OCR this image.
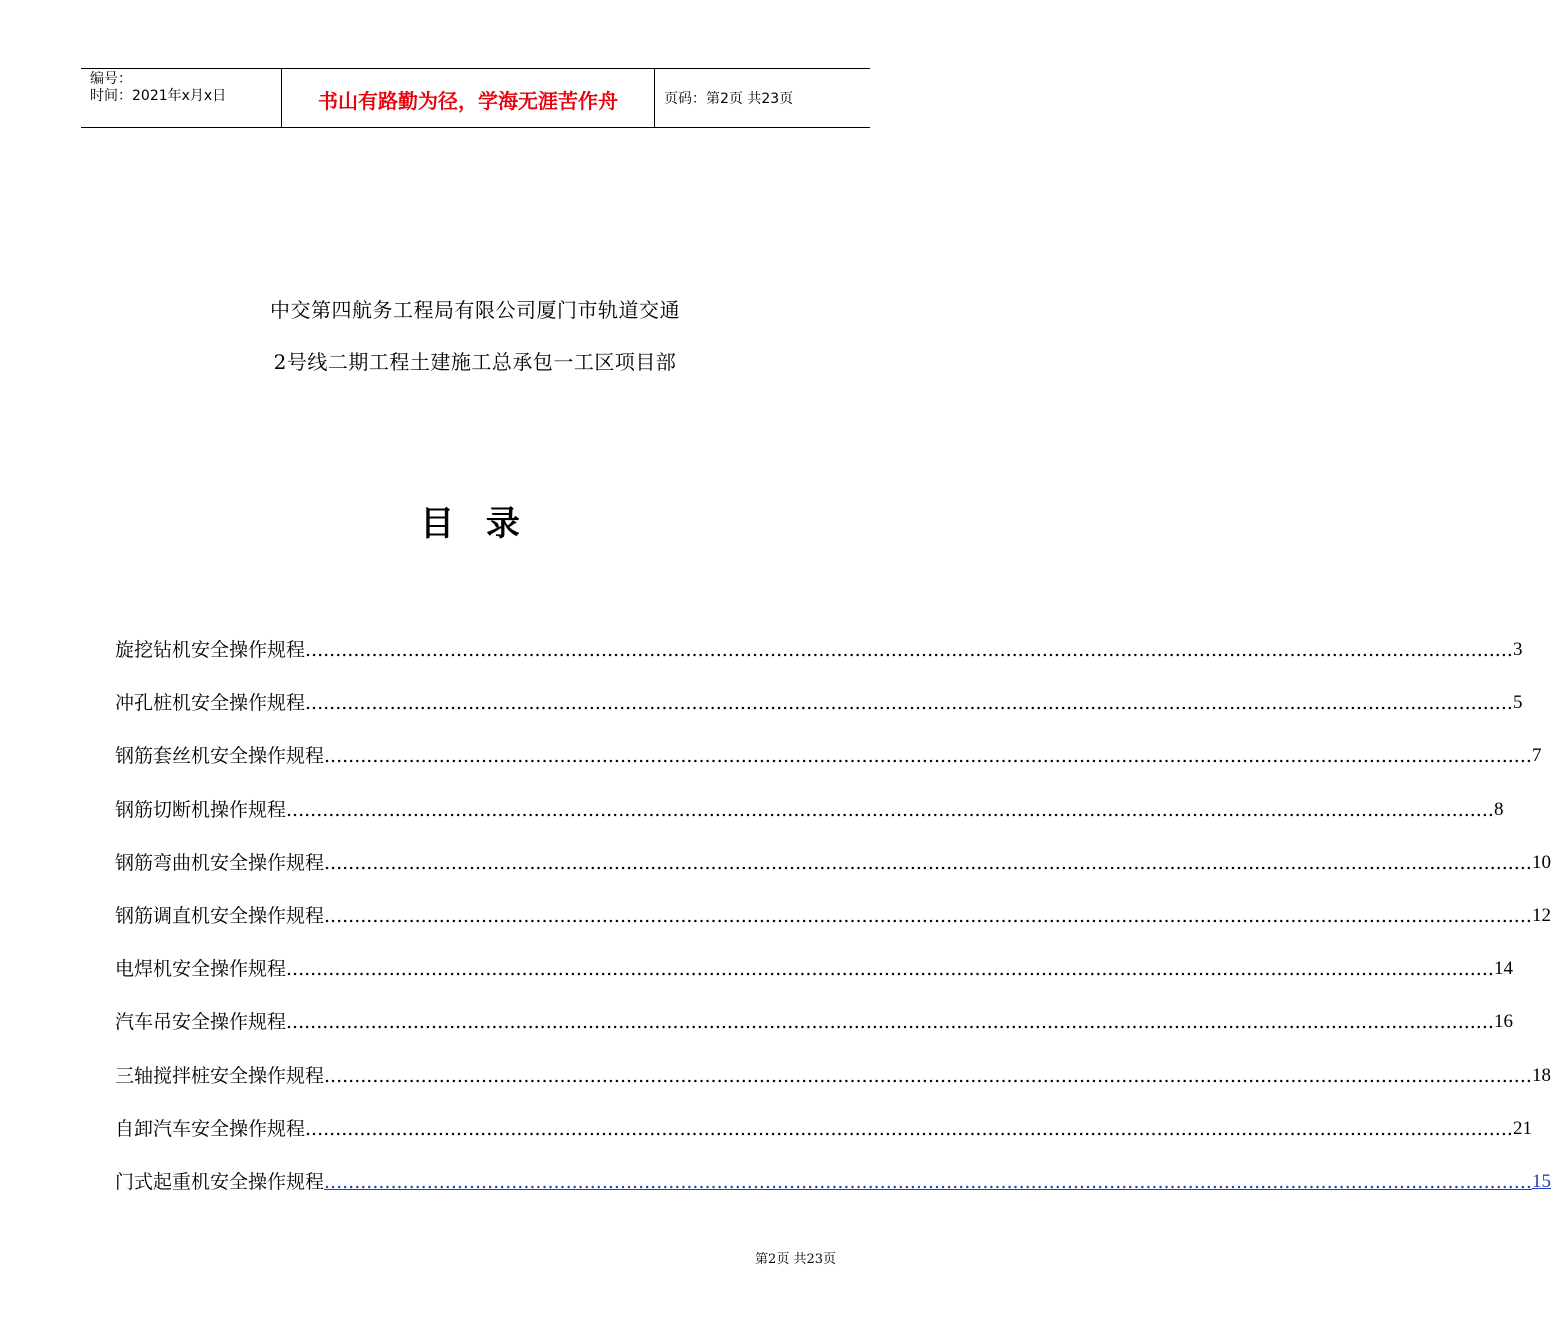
编号：
时间：2021年x月x日	书山有路勤为径，学海无涯苦作舟	页码：第2页 共23页
中交第四航务工程局有限公司厦门市轨道交通
2号线二期工程土建施工总承包一工区项目部
目 录
旋挖钻机安全操作规程 ........................................................................................................................................................................................................ 3
冲孔桩机安全操作规程 ........................................................................................................................................................................................................ 5
钢筋套丝机安全操作规程 ........................................................................................................................................................................................................ 7
钢筋切断机操作规程 ........................................................................................................................................................................................................ 8
钢筋弯曲机安全操作规程 ........................................................................................................................................................................................................ 10
钢筋调直机安全操作规程 ........................................................................................................................................................................................................ 12
电焊机安全操作规程 ........................................................................................................................................................................................................ 14
汽车吊安全操作规程 ........................................................................................................................................................................................................ 16
三轴搅拌桩安全操作规程 ........................................................................................................................................................................................................ 18
自卸汽车安全操作规程 ........................................................................................................................................................................................................ 21
门式起重机安全操作规程 ........................................................................................................................................................................................................ 15
第2页 共23页
